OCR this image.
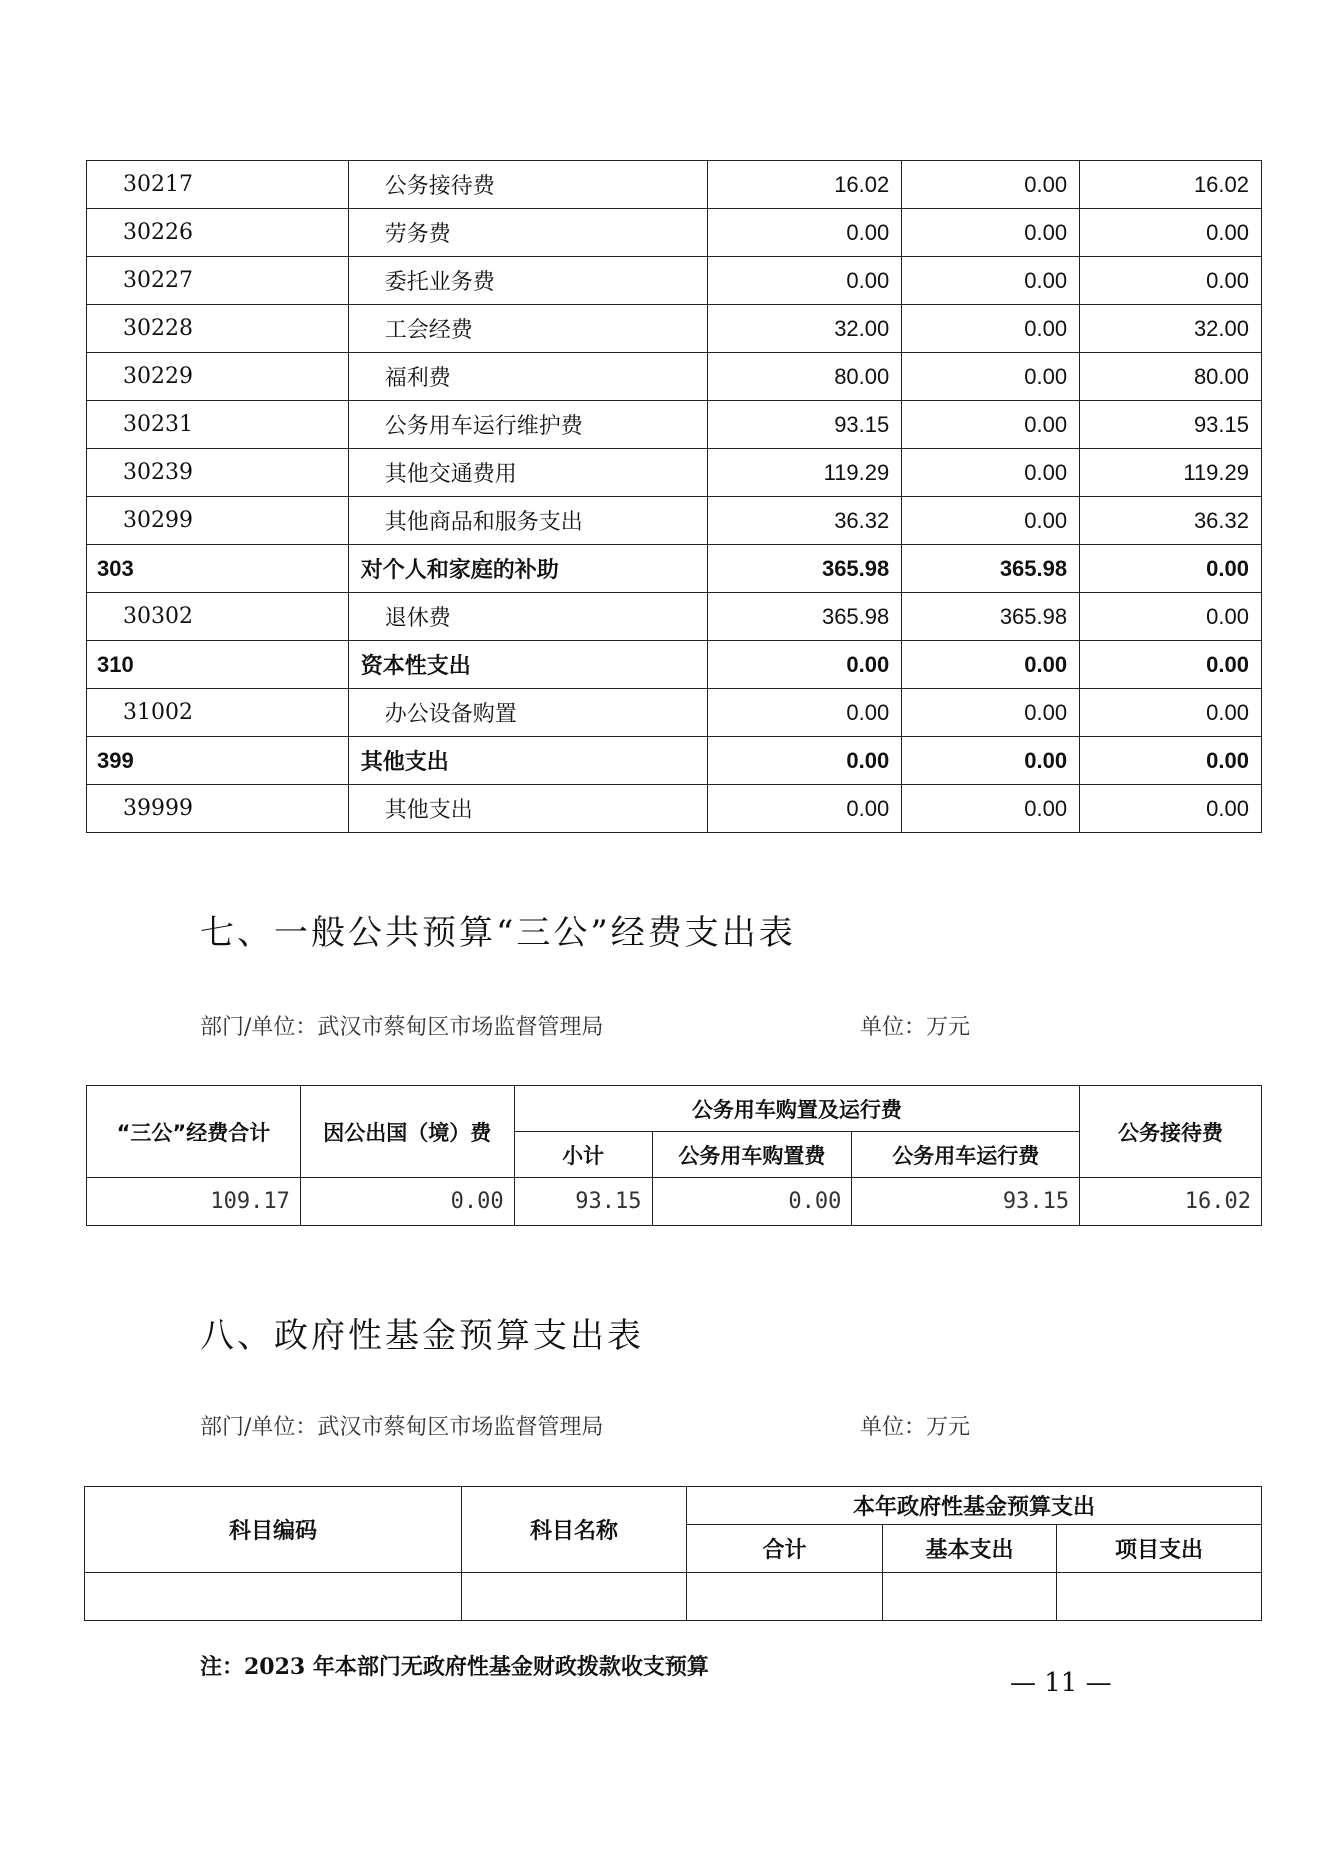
30217	公务接待费	16.02	0.00	16.02
30226	劳务费	0.00	0.00	0.00
30227	委托业务费	0.00	0.00	0.00
30228	工会经费	32.00	0.00	32.00
30229	福利费	80.00	0.00	80.00
30231	公务用车运行维护费	93.15	0.00	93.15
30239	其他交通费用	119.29	0.00	119.29
30299	其他商品和服务支出	36.32	0.00	36.32
303	对个人和家庭的补助	365.98	365.98	0.00
30302	退休费	365.98	365.98	0.00
310	资本性支出	0.00	0.00	0.00
31002	办公设备购置	0.00	0.00	0.00
399	其他支出	0.00	0.00	0.00
39999	其他支出	0.00	0.00	0.00
七、一般公共预算“三公”经费支出表
部门/单位：武汉市蔡甸区市场监督管理局	单位：万元
“三公”经费合计	因公出国（境）费	公务用车购置及运行费			公务接待费
		小计	公务用车购置费	公务用车运行费	
109.17	0.00	93.15	0.00	93.15	16.02
八、政府性基金预算支出表
部门/单位：武汉市蔡甸区市场监督管理局	单位：万元
科目编码	科目名称	本年政府性基金预算支出		
		合计	基本支出	项目支出

注：2023 年本部门无政府性基金财政拨款收支预算
— 11 —
